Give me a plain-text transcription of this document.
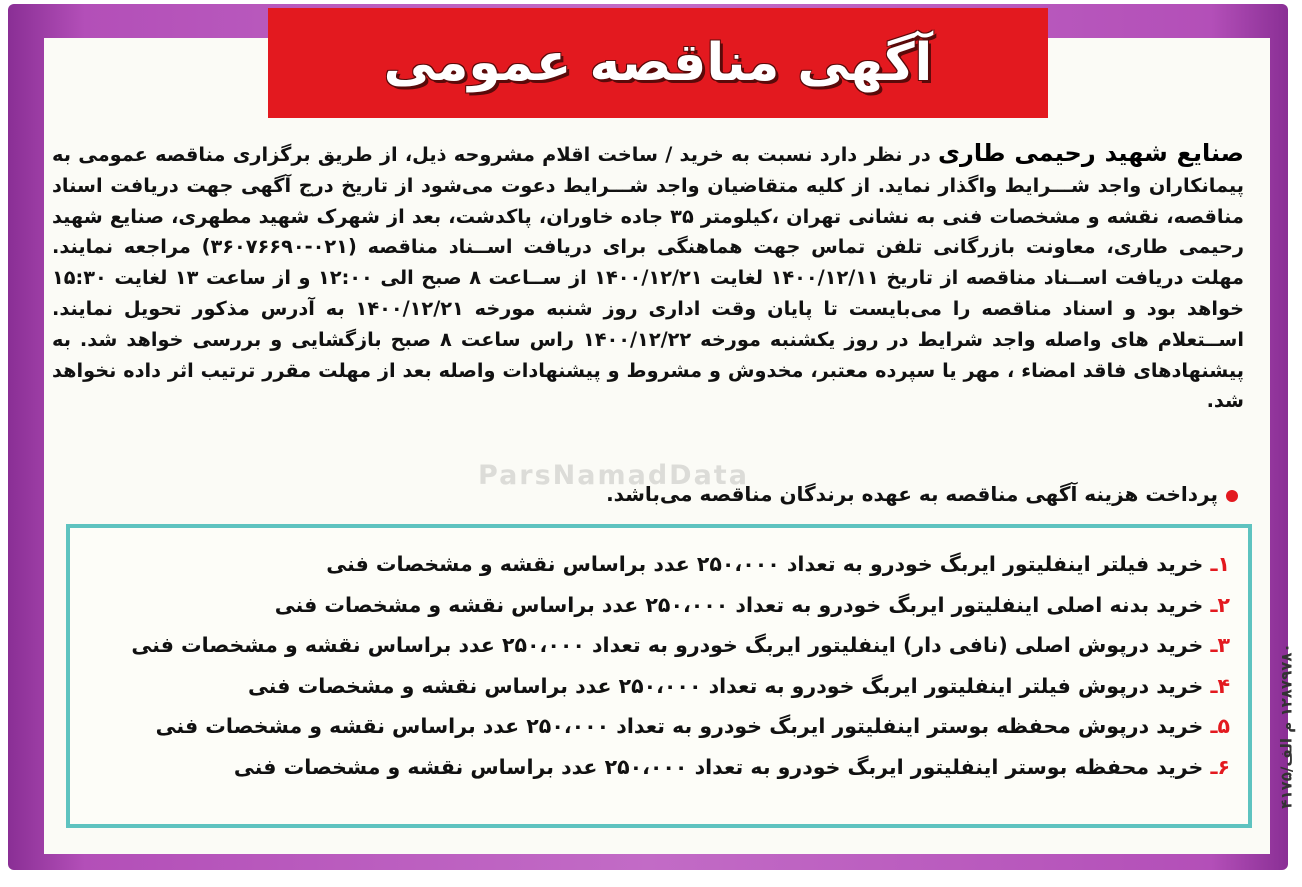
آگهی مناقصه عمومی
صنایع شهید رحیمی طاری در نظر دارد نسبت به خرید / ساخت اقلام مشروحه ذیل، از طریق برگزاری مناقصه عمومی به پیمانکاران واجد شـــرایط واگذار نماید. از کلیه متقاضیان واجد شـــرایط دعوت می‌شود از تاریخ درج آگهی جهت دریافت اسناد مناقصه، نقشه و مشخصات فنی به نشانی تهران ،کیلومتر ۳۵ جاده خاوران، پاکدشت، بعد از شهرک شهید مطهری، صنایع شهید رحیمی طاری، معاونت بازرگانی تلفن تماس جهت هماهنگی برای دریافت اســناد مناقصه (۰۲۱-۳۶۰۷۶۶۹۰) مراجعه نمایند. مهلت دریافت اســناد مناقصه از تاریخ ۱۴۰۰/۱۲/۱۱ لغایت ۱۴۰۰/۱۲/۲۱ از ســاعت ۸ صبح الی ۱۲:۰۰ و از ساعت ۱۳ لغایت ۱۵:۳۰ خواهد بود و اسناد مناقصه را می‌بایست تا پایان وقت اداری روز شنبه مورخه ۱۴۰۰/۱۲/۲۱ به آدرس مذکور تحویل نمایند. اســتعلام های واصله واجد شرایط در روز یکشنبه مورخه ۱۴۰۰/۱۲/۲۲ راس ساعت ۸ صبح بازگشایی و بررسی خواهد شد. به پیشنهادهای فاقد امضاء ، مهر یا سپرده معتبر، مخدوش و مشروط و پیشنهادات واصله بعد از مهلت مقرر ترتیب اثر داده نخواهد شد.
پرداخت هزینه آگهی مناقصه به عهده برندگان مناقصه می‌باشد.
ParsNamadData
۱ـ خرید فیلتر اینفلیتور ایربگ خودرو به تعداد ۲۵۰،۰۰۰ عدد براساس نقشه و مشخصات فنی
۲ـ خرید بدنه اصلی اینفلیتور ایربگ خودرو به تعداد ۲۵۰،۰۰۰ عدد براساس نقشه و مشخصات فنی
۳ـ خرید درپوش اصلی (نافی دار) اینفلیتور ایربگ خودرو به تعداد ۲۵۰،۰۰۰ عدد براساس نقشه و مشخصات فنی
۴ـ خرید درپوش فیلتر اینفلیتور ایربگ خودرو به تعداد ۲۵۰،۰۰۰ عدد براساس نقشه و مشخصات فنی
۵ـ خرید درپوش محفظه بوستر اینفلیتور ایربگ خودرو به تعداد ۲۵۰،۰۰۰ عدد براساس نقشه و مشخصات فنی
۶ـ خرید محفظه بوستر اینفلیتور ایربگ خودرو به تعداد ۲۵۰،۰۰۰ عدد براساس نقشه و مشخصات فنی
۱۲۸۷۹۷۸۰ م الف/۴۱۷۵
